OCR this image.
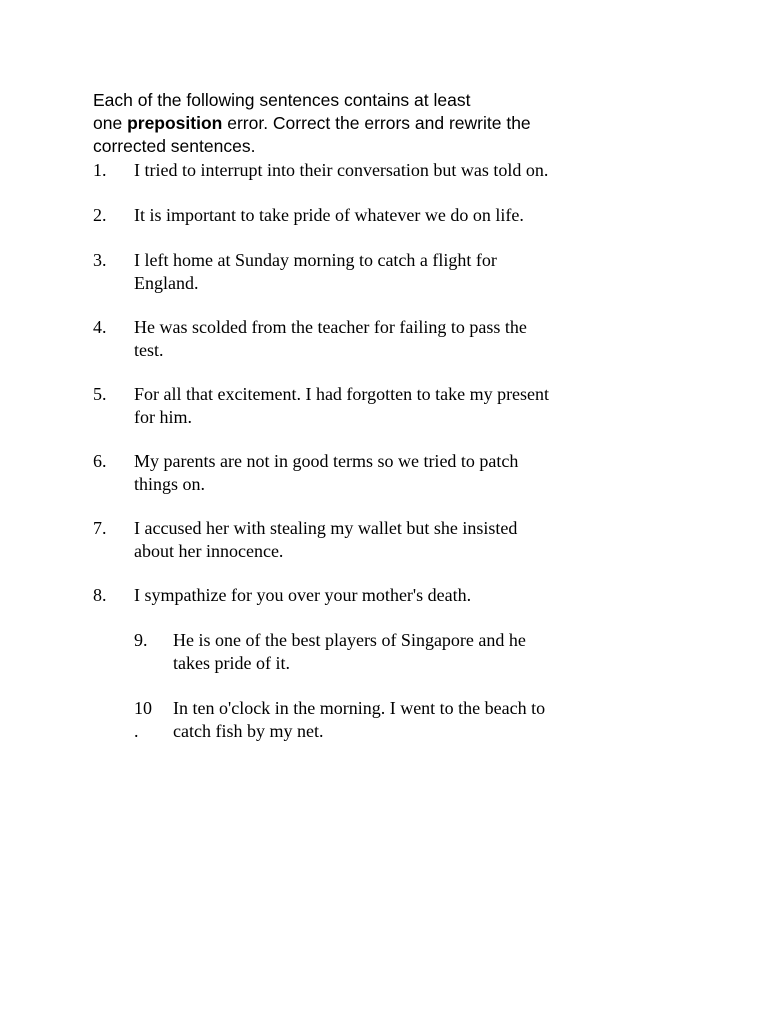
Each of the following sentences contains at least
one preposition error. Correct the errors and rewrite the
corrected sentences.

1. I tried to interrupt into their conversation but was told on.
2. It is important to take pride of whatever we do on life.
3. I left home at Sunday morning to catch a flight for
England.
4. He was scolded from the teacher for failing to pass the
test.
5. For all that excitement. I had forgotten to take my present
for him.
6. My parents are not in good terms so we tried to patch
things on.
7. I accused her with stealing my wallet but she insisted
about her innocence.
8. I sympathize for you over your mother's death.
9. He is one of the best players of Singapore and he
takes pride of it.
10
.
In ten o'clock in the morning. I went to the beach to
catch fish by my net.
